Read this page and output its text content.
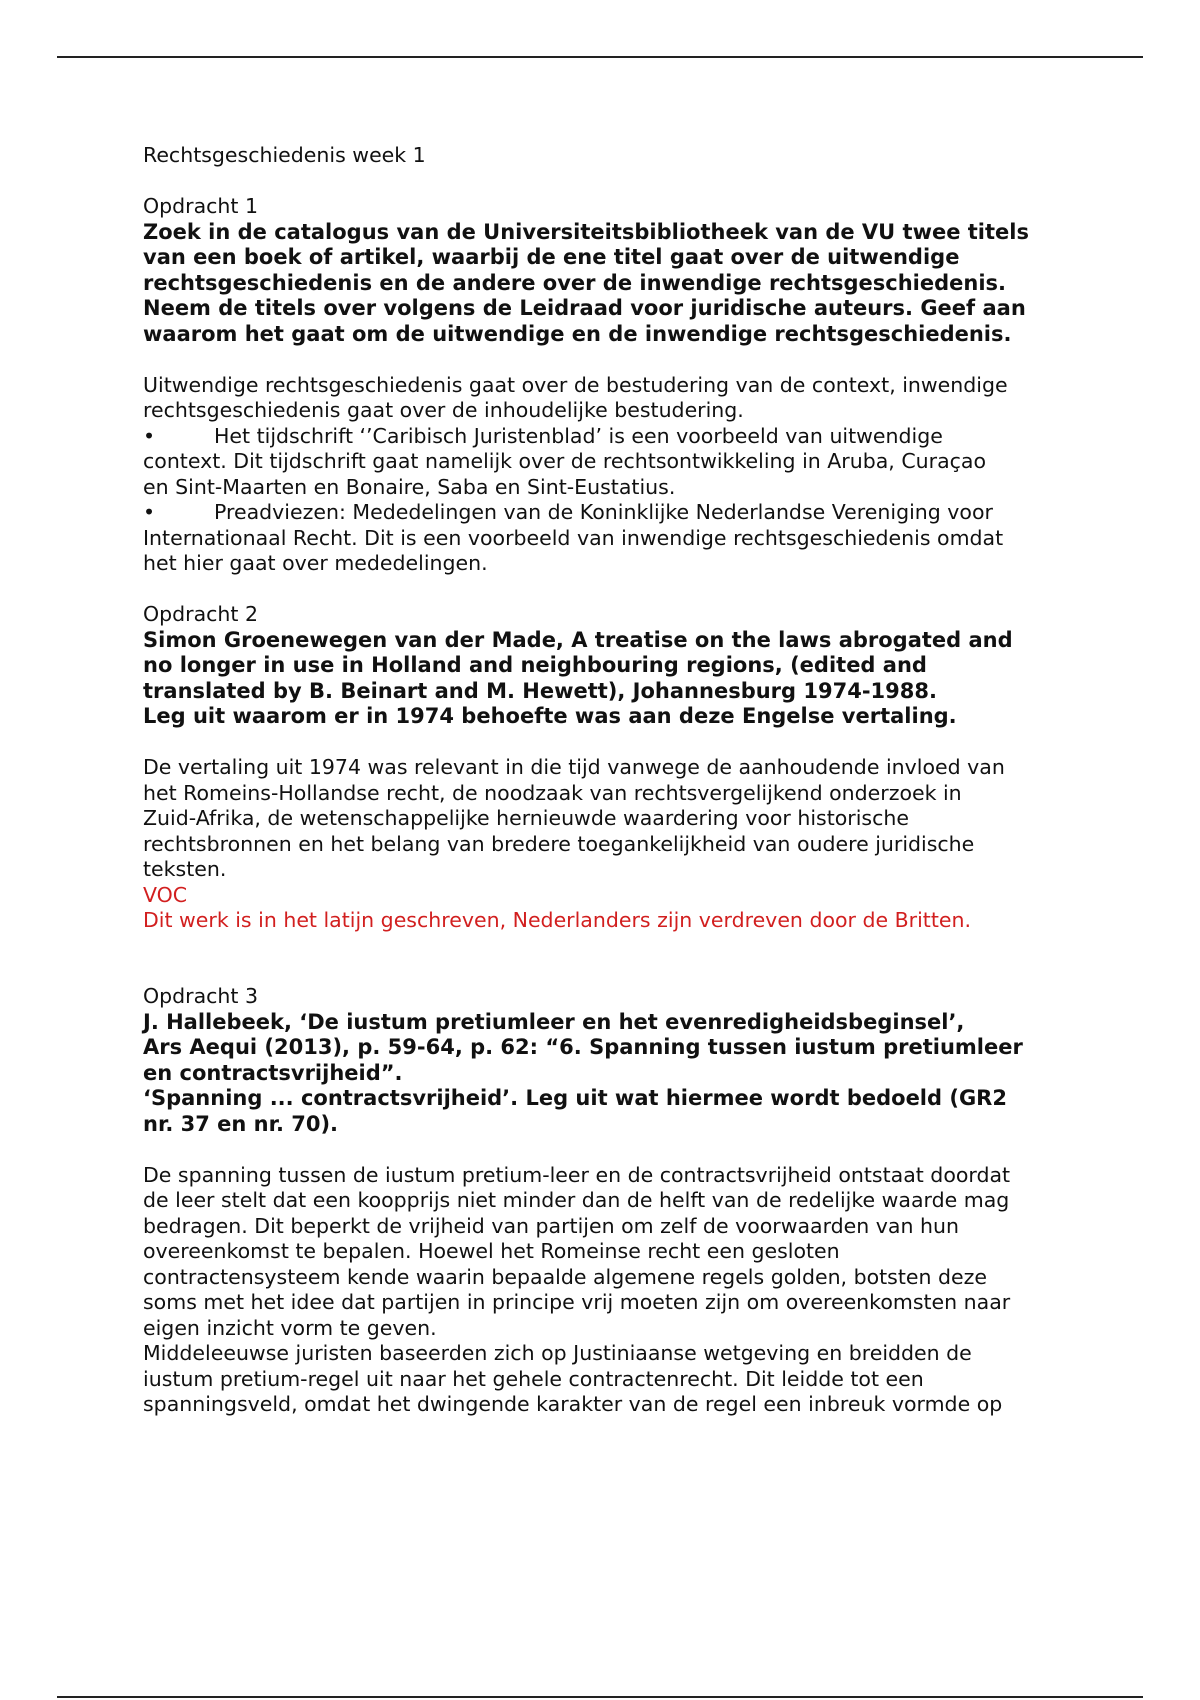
Rechtsgeschiedenis week 1
Opdracht 1
Zoek in de catalogus van de Universiteitsbibliotheek van de VU twee titels
van een boek of artikel, waarbij de ene titel gaat over de uitwendige
rechtsgeschiedenis en de andere over de inwendige rechtsgeschiedenis.
Neem de titels over volgens de Leidraad voor juridische auteurs. Geef aan
waarom het gaat om de uitwendige en de inwendige rechtsgeschiedenis.
Uitwendige rechtsgeschiedenis gaat over de bestudering van de context, inwendige
rechtsgeschiedenis gaat over de inhoudelijke bestudering.
•	Het tijdschrift ‘’Caribisch Juristenblad’ is een voorbeeld van uitwendige
context. Dit tijdschrift gaat namelijk over de rechtsontwikkeling in Aruba, Curaçao
en Sint-Maarten en Bonaire, Saba en Sint-Eustatius.
•	Preadviezen: Mededelingen van de Koninklijke Nederlandse Vereniging voor
Internationaal Recht. Dit is een voorbeeld van inwendige rechtsgeschiedenis omdat
het hier gaat over mededelingen.
Opdracht 2
Simon Groenewegen van der Made, A treatise on the laws abrogated and
no longer in use in Holland and neighbouring regions, (edited and
translated by B. Beinart and M. Hewett), Johannesburg 1974-1988.
Leg uit waarom er in 1974 behoefte was aan deze Engelse vertaling.
De vertaling uit 1974 was relevant in die tijd vanwege de aanhoudende invloed van
het Romeins-Hollandse recht, de noodzaak van rechtsvergelijkend onderzoek in
Zuid-Afrika, de wetenschappelijke hernieuwde waardering voor historische
rechtsbronnen en het belang van bredere toegankelijkheid van oudere juridische
teksten.
VOC
Dit werk is in het latijn geschreven, Nederlanders zijn verdreven door de Britten.
Opdracht 3
J. Hallebeek, ‘De iustum pretiumleer en het evenredigheidsbeginsel’,
Ars Aequi (2013), p. 59-64, p. 62: “6. Spanning tussen iustum pretiumleer
en contractsvrijheid”.
‘Spanning ... contractsvrijheid’. Leg uit wat hiermee wordt bedoeld (GR2
nr. 37 en nr. 70).
De spanning tussen de iustum pretium-leer en de contractsvrijheid ontstaat doordat
de leer stelt dat een koopprijs niet minder dan de helft van de redelijke waarde mag
bedragen. Dit beperkt de vrijheid van partijen om zelf de voorwaarden van hun
overeenkomst te bepalen. Hoewel het Romeinse recht een gesloten
contractensysteem kende waarin bepaalde algemene regels golden, botsten deze
soms met het idee dat partijen in principe vrij moeten zijn om overeenkomsten naar
eigen inzicht vorm te geven.
Middeleeuwse juristen baseerden zich op Justiniaanse wetgeving en breidden de
iustum pretium-regel uit naar het gehele contractenrecht. Dit leidde tot een
spanningsveld, omdat het dwingende karakter van de regel een inbreuk vormde op
